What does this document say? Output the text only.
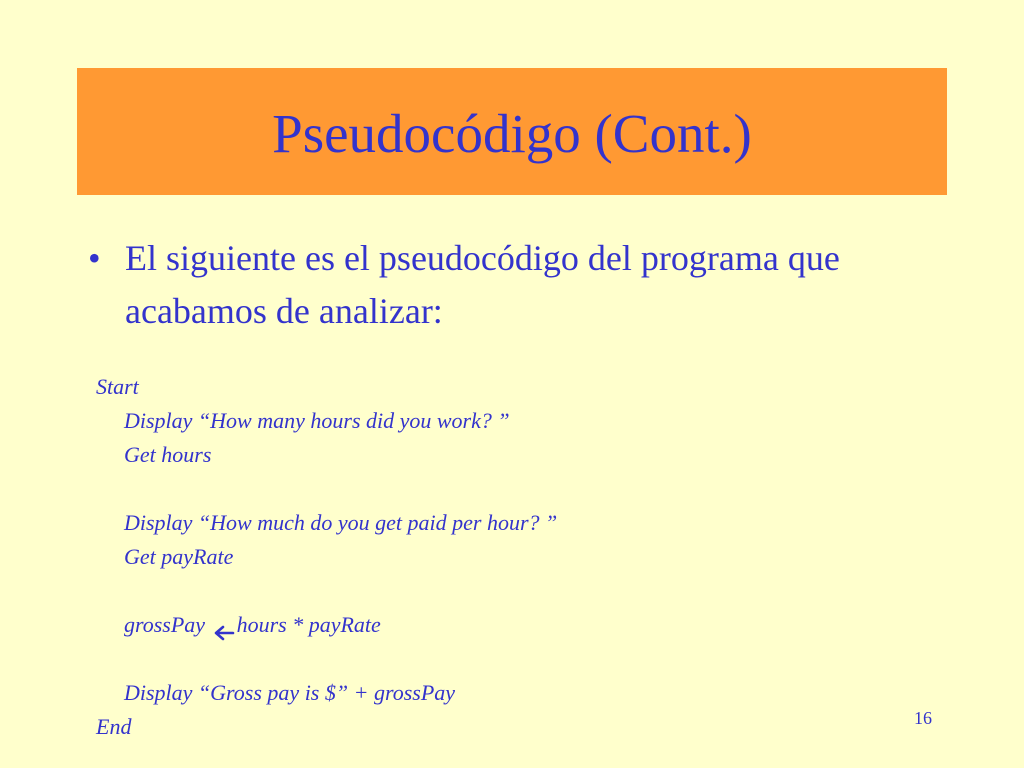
Pseudocódigo (Cont.)
• El siguiente es el pseudocódigo del programa que acabamos de analizar:
Start
Display “How many hours did you work? ”
Get hours
Display “How much do you get paid per hour? ”
Get payRate
grossPay hours * payRate
Display “Gross pay is $” + grossPay
End	16
